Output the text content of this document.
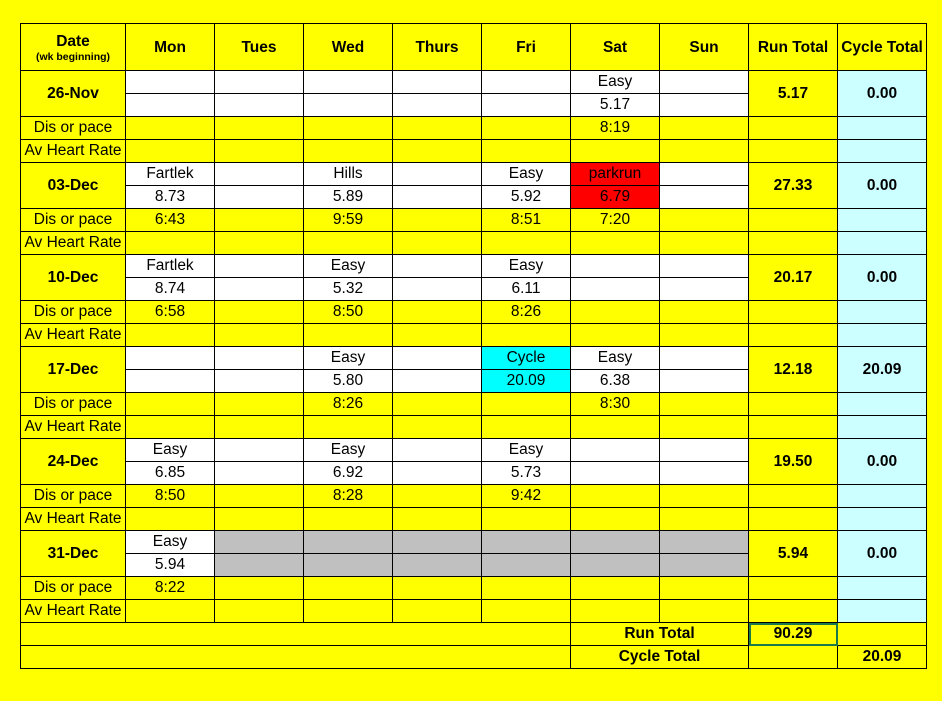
Date
(wk beginning)	Mon	Tues	Wed	Thurs	Fri	Sat	Sun	Run Total	Cycle Total
26-Nov						Easy		5.17	0.00
						5.17			
Dis or pace						8:19			
Av Heart Rate									
03-Dec	Fartlek		Hills		Easy	parkrun		27.33	0.00
	8.73		5.89		5.92	6.79			
Dis or pace	6:43		9:59		8:51	7:20			
Av Heart Rate									
10-Dec	Fartlek		Easy		Easy			20.17	0.00
	8.74		5.32		6.11				
Dis or pace	6:58		8:50		8:26				
Av Heart Rate									
17-Dec			Easy		Cycle	Easy		12.18	20.09
			5.80		20.09	6.38			
Dis or pace			8:26			8:30			
Av Heart Rate									
24-Dec	Easy		Easy		Easy			19.50	0.00
	6.85		6.92		5.73				
Dis or pace	8:50		8:28		9:42				
Av Heart Rate									
31-Dec	Easy							5.94	0.00
	5.94								
Dis or pace	8:22								
Av Heart Rate									
						Run Total		90.29	
						Cycle Total			20.09
